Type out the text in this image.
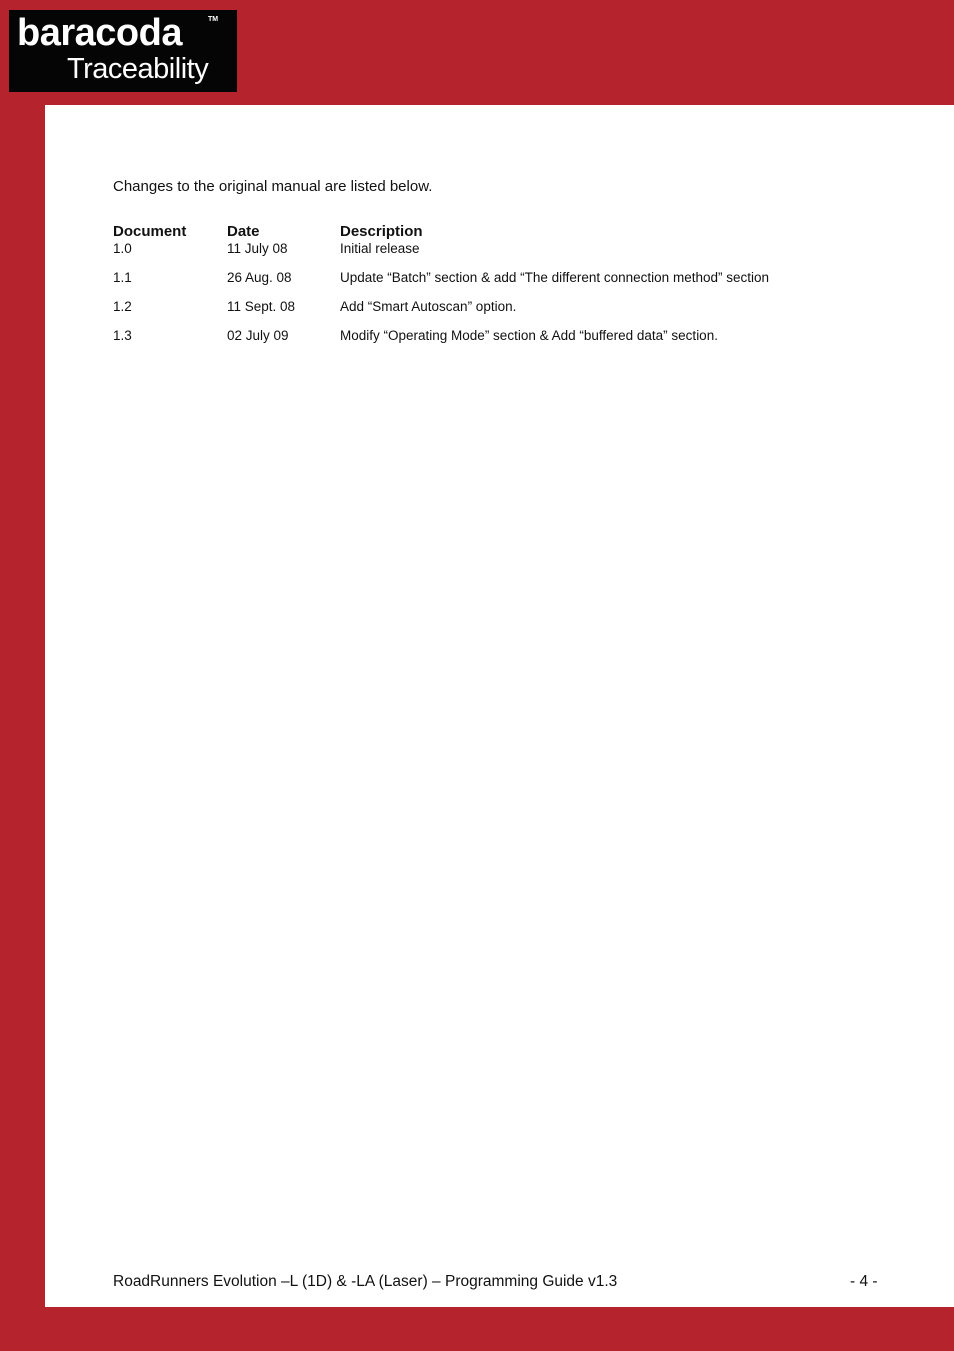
baracoda	TM
Traceability
Changes to the original manual are listed below.
Document	Date	Description
1.0	11 July 08	Initial release
1.1	26 Aug. 08	Update “Batch” section & add “The different connection method” section
1.2	11 Sept. 08	Add “Smart Autoscan” option.
1.3	02 July 09	Modify “Operating Mode” section & Add “buffered data” section.
RoadRunners Evolution –L (1D) & -LA (Laser) – Programming Guide v1.3	- 4 -
